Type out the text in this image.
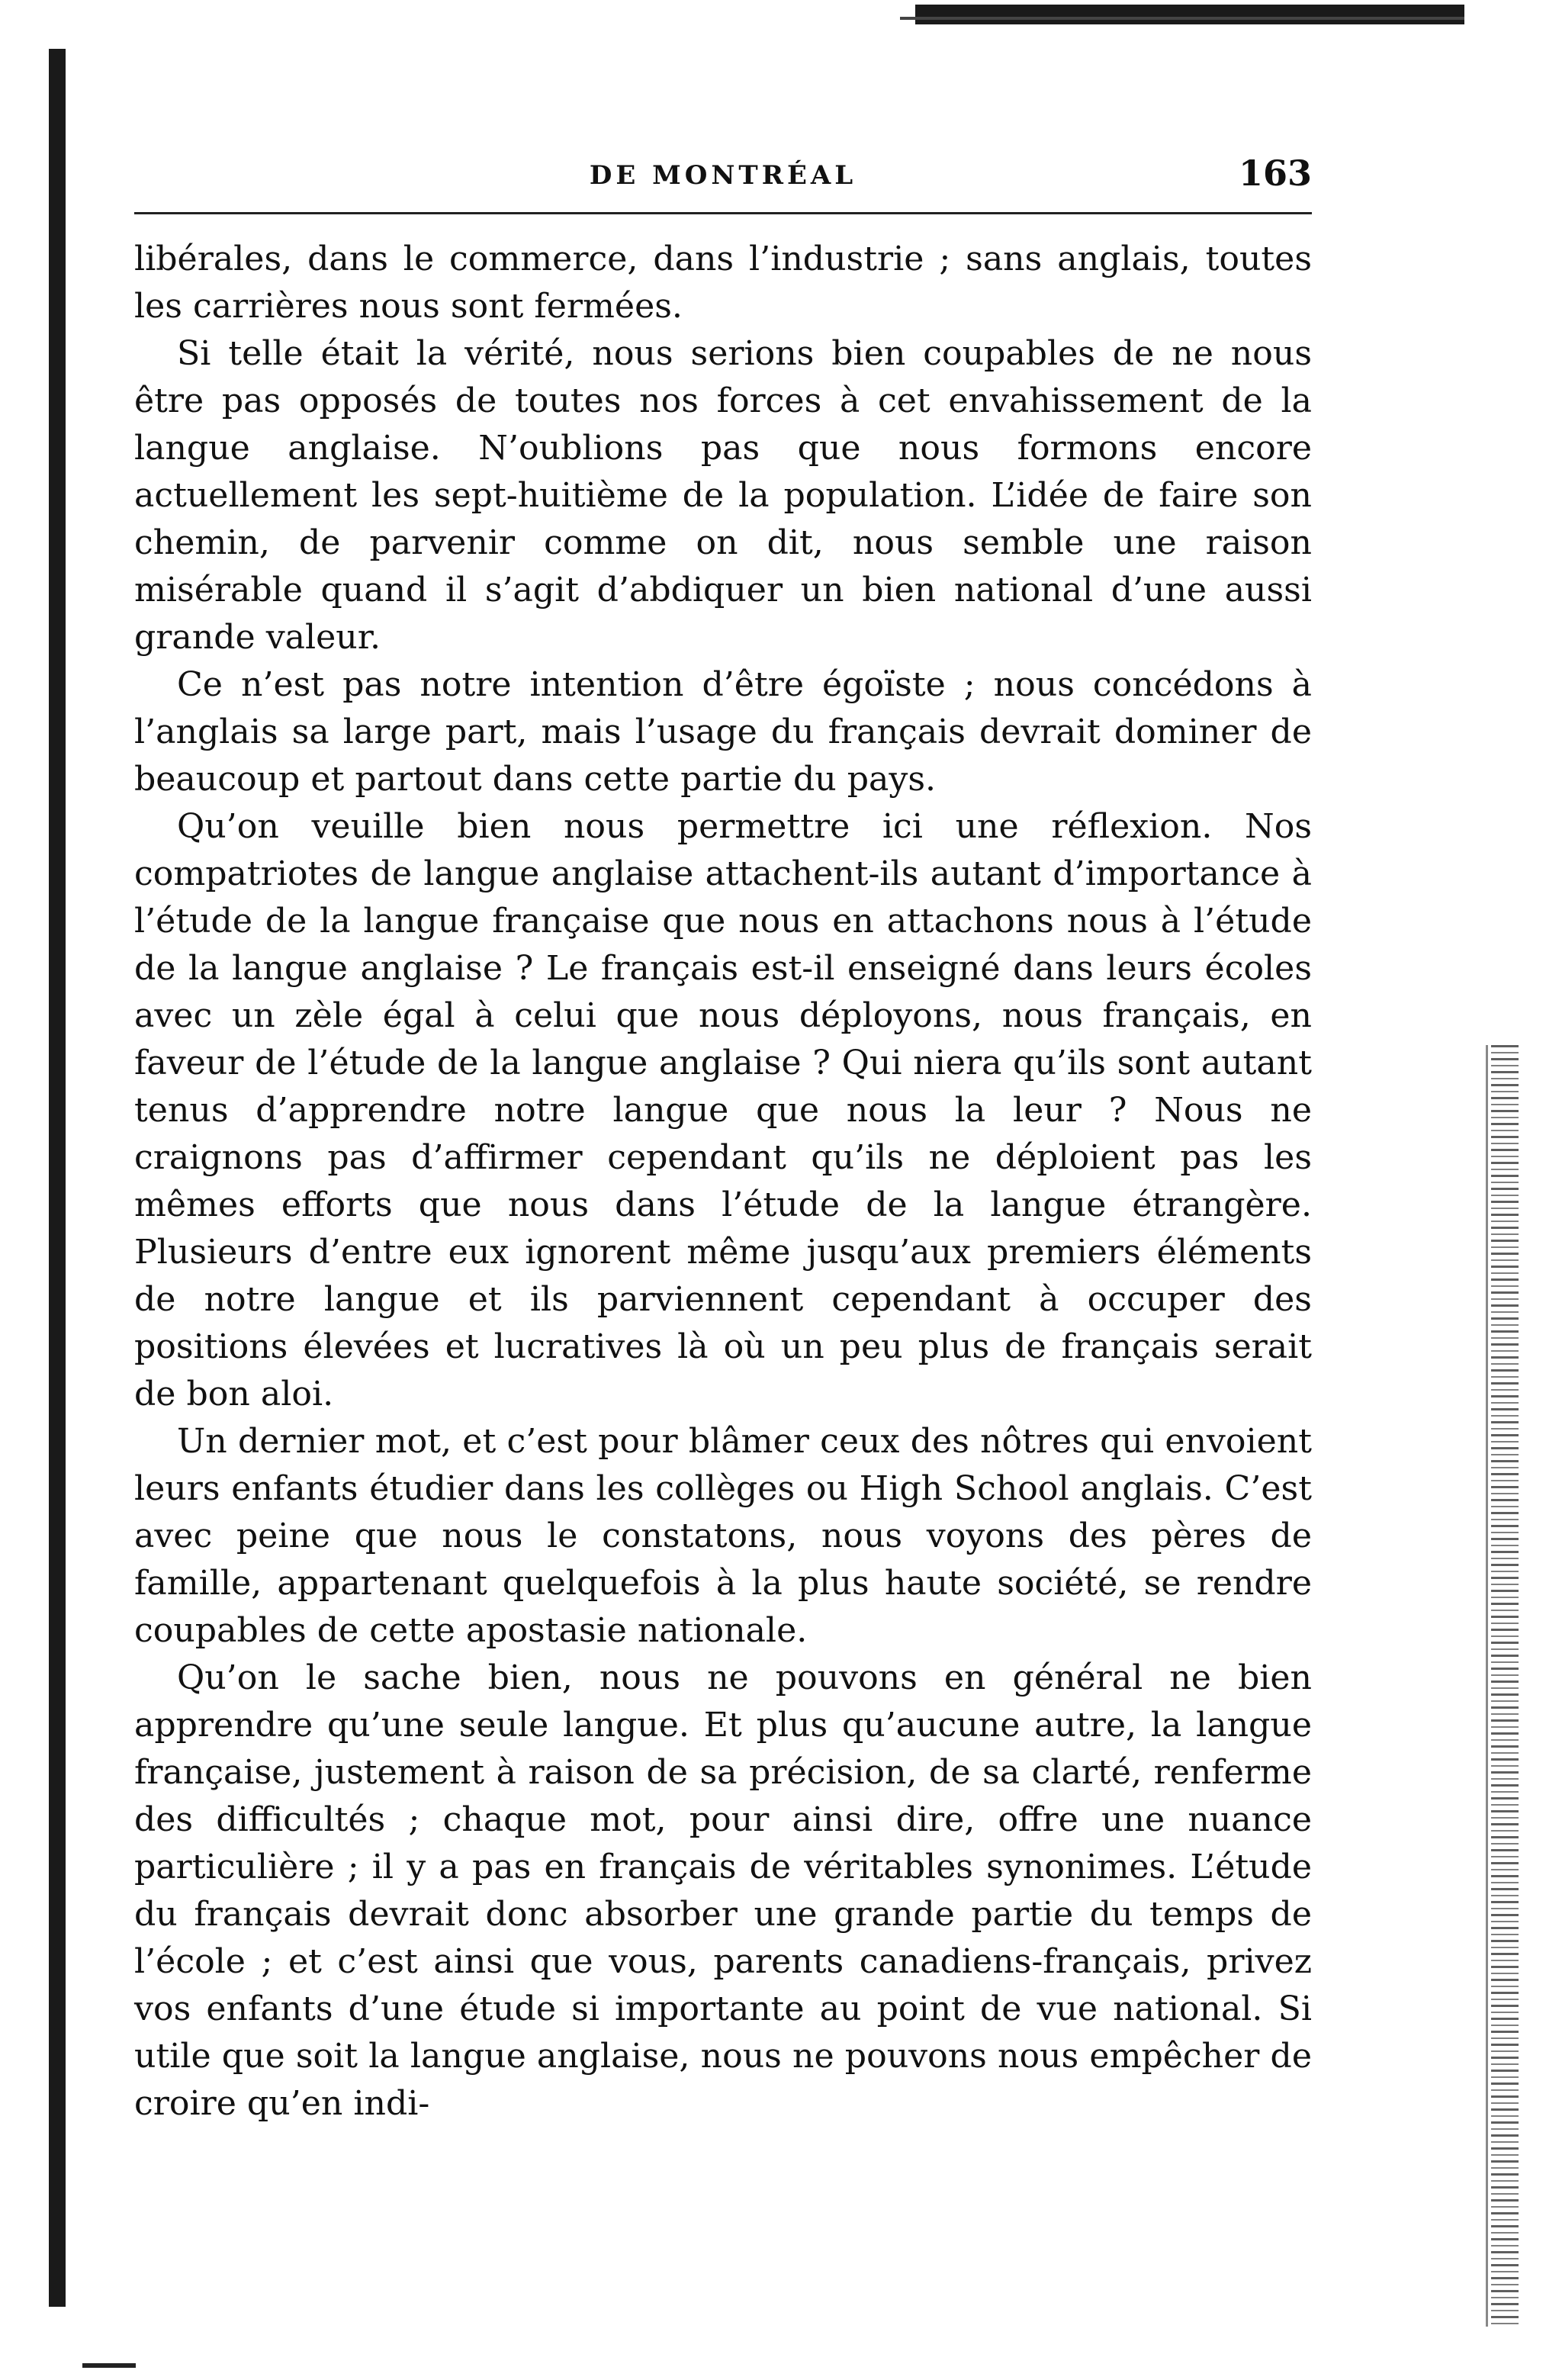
DE MONTRÉAL	163

libérales, dans le commerce, dans l’industrie ; sans anglais, toutes les carrières nous sont fermées.

Si telle était la vérité, nous serions bien coupables de ne nous être pas opposés de toutes nos forces à cet envahissement de la langue anglaise. N’oublions pas que nous formons encore actuellement les sept-huitième de la population. L’idée de faire son chemin, de parvenir comme on dit, nous semble une raison misérable quand il s’agit d’abdiquer un bien national d’une aussi grande valeur.

Ce n’est pas notre intention d’être égoïste ; nous concédons à l’anglais sa large part, mais l’usage du français devrait dominer de beaucoup et partout dans cette partie du pays.

Qu’on veuille bien nous permettre ici une réflexion. Nos compatriotes de langue anglaise attachent-ils autant d’importance à l’étude de la langue française que nous en attachons nous à l’étude de la langue anglaise ? Le français est-il enseigné dans leurs écoles avec un zèle égal à celui que nous déployons, nous français, en faveur de l’étude de la langue anglaise ? Qui niera qu’ils sont autant tenus d’apprendre notre langue que nous la leur ? Nous ne craignons pas d’affirmer cependant qu’ils ne déploient pas les mêmes efforts que nous dans l’étude de la langue étrangère. Plusieurs d’entre eux ignorent même jusqu’aux premiers éléments de notre langue et ils parviennent cependant à occuper des positions élevées et lucratives là où un peu plus de français serait de bon aloi.

Un dernier mot, et c’est pour blâmer ceux des nôtres qui envoient leurs enfants étudier dans les collèges ou High School anglais. C’est avec peine que nous le constatons, nous voyons des pères de famille, appartenant quelquefois à la plus haute société, se rendre coupables de cette apostasie nationale.

Qu’on le sache bien, nous ne pouvons en général ne bien apprendre qu’une seule langue. Et plus qu’aucune autre, la langue française, justement à raison de sa précision, de sa clarté, renferme des difficultés ; chaque mot, pour ainsi dire, offre une nuance particulière ; il y a pas en français de véritables synonimes. L’étude du français devrait donc absorber une grande partie du temps de l’école ; et c’est ainsi que vous, parents canadiens-français, privez vos enfants d’une étude si importante au point de vue national. Si utile que soit la langue anglaise, nous ne pouvons nous empêcher de croire qu’en indi-
